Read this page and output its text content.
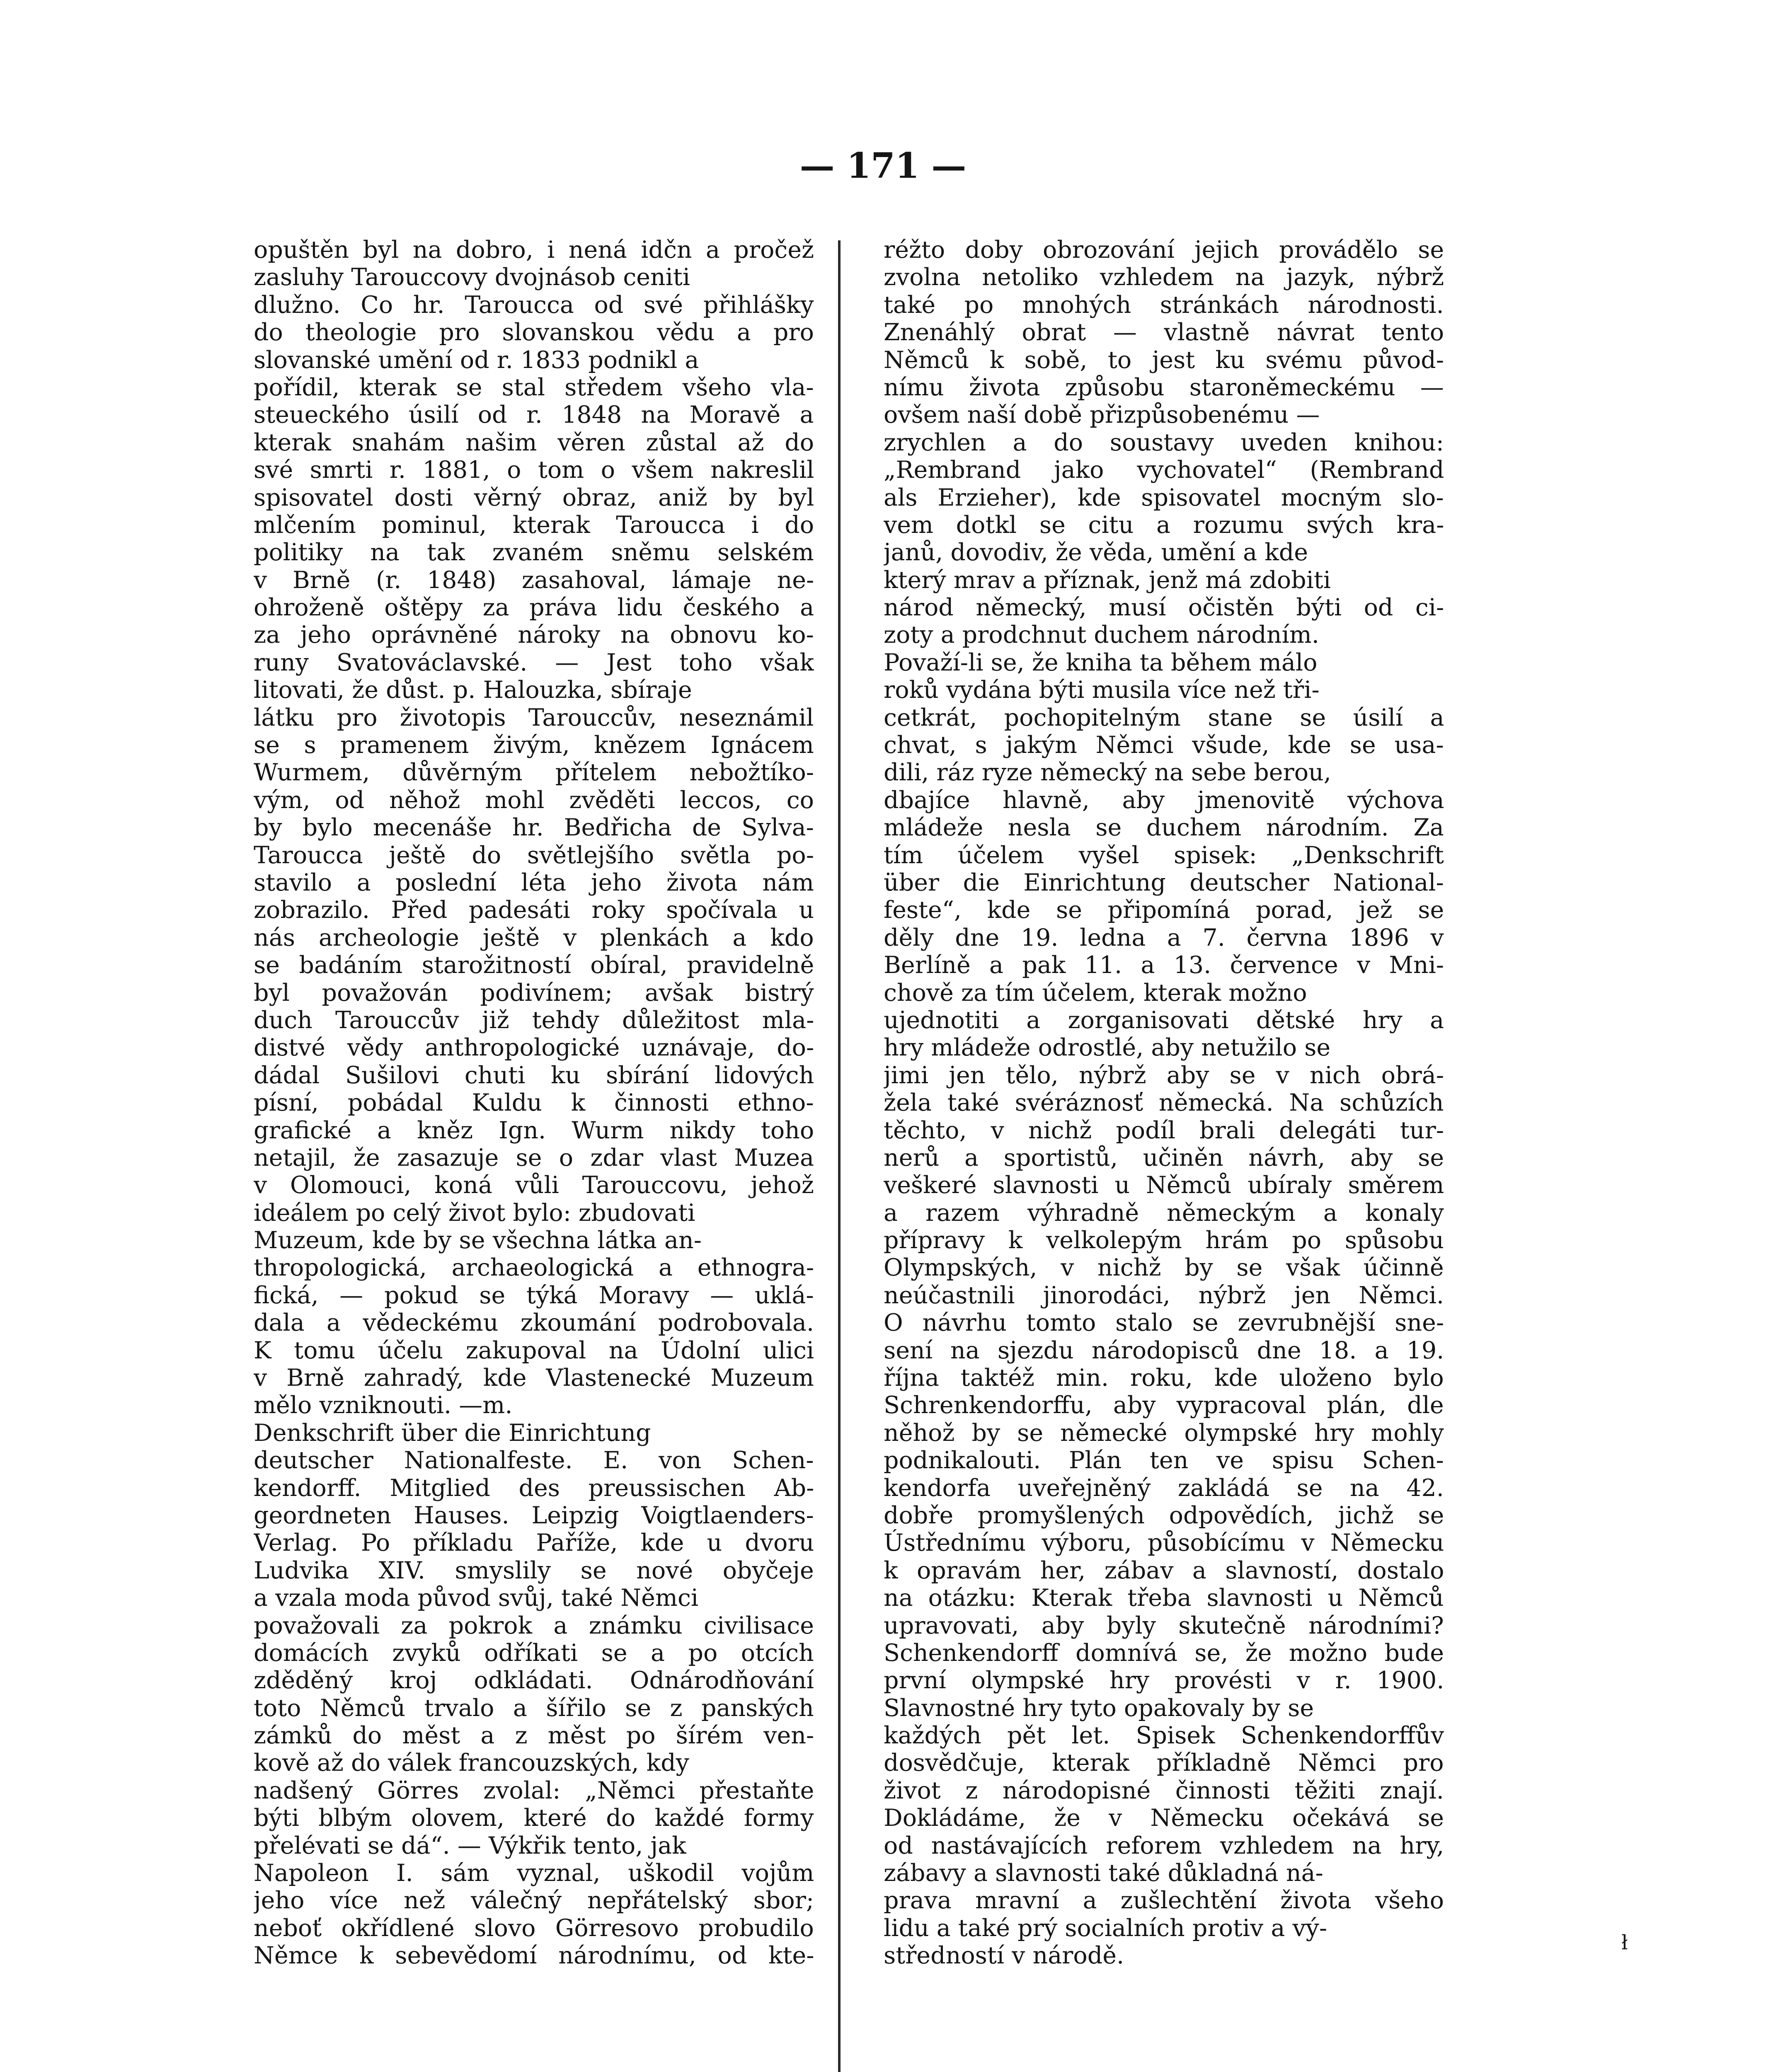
— 171 —
opuštěn byl na dobro, i nená idčn a pročež
zasluhy Tarouccovy dvojnásob ceniti
dlužno. Co hr. Taroucca od své přihlášky
do theologie pro slovanskou vědu a pro
slovanské umění od r. 1833 podnikl a
pořídil, kterak se stal středem všeho vla-
steueckého úsilí od r. 1848 na Moravě a
kterak snahám našim věren zůstal až do
své smrti r. 1881, o tom o všem nakreslil
spisovatel dosti věrný obraz, aniž by byl
mlčením pominul, kterak Taroucca i do
politiky na tak zvaném sněmu selském
v Brně (r. 1848) zasahoval, lámaje ne-
ohroženě oštěpy za práva lidu českého a
za jeho oprávněné nároky na obnovu ko-
runy Svatováclavské. — Jest toho však
litovati, že důst. p. Halouzka, sbíraje
látku pro životopis Tarouccův, neseznámil
se s pramenem živým, knězem Ignácem
Wurmem, důvěrným přítelem nebožtíko-
vým, od něhož mohl zvěděti leccos, co
by bylo mecenáše hr. Bedřicha de Sylva-
Taroucca ještě do světlejšího světla po-
stavilo a poslední léta jeho života nám
zobrazilo. Před padesáti roky spočívala u
nás archeologie ještě v plenkách a kdo
se badáním starožitností obíral, pravidelně
byl považován podivínem; avšak bistrý
duch Tarouccův již tehdy důležitost mla-
distvé vědy anthropologické uznávaje, do-
dádal Sušilovi chuti ku sbírání lidových
písní, pobádal Kuldu k činnosti ethno-
grafické a kněz Ign. Wurm nikdy toho
netajil, že zasazuje se o zdar vlast Muzea
v Olomouci, koná vůli Tarouccovu, jehož
ideálem po celý život bylo: zbudovati
Muzeum, kde by se všechna látka an-
thropologická, archaeologická a ethnogra-
fická, — pokud se týká Moravy — uklá-
dala a vědeckému zkoumání podrobovala.
K tomu účelu zakupoval na Údolní ulici
v Brně zahradý, kde Vlastenecké Muzeum
mělo vzniknouti. —m.
Denkschrift über die Einrichtung
deutscher Nationalfeste. E. von Schen-
kendorff. Mitglied des preussischen Ab-
geordneten Hauses. Leipzig Voigtlaenders-
Verlag. Po příkladu Paříže, kde u dvoru
Ludvika XIV. smyslily se nové obyčeje
a vzala moda původ svůj, také Němci
považovali za pokrok a známku civilisace
domácích zvyků odříkati se a po otcích
zděděný kroj odkládati. Odnárodňování
toto Němců trvalo a šířilo se z panských
zámků do měst a z měst po šírém ven-
kově až do válek francouzských, kdy
nadšený Görres zvolal: „Němci přestaňte
býti blbým olovem, které do každé formy
přelévati se dá“. — Výkřik tento, jak
Napoleon I. sám vyznal, uškodil vojům
jeho více než válečný nepřátelský sbor;
neboť okřídlené slovo Görresovo probudilo
Němce k sebevědomí národnímu, od kte-
réžto doby obrozování jejich provádělo se
zvolna netoliko vzhledem na jazyk, nýbrž
také po mnohých stránkách národnosti.
Znenáhlý obrat — vlastně návrat tento
Němců k sobě, to jest ku svému původ-
nímu života způsobu staroněmeckému —
ovšem naší době přizpůsobenému —
zrychlen a do soustavy uveden knihou:
„Rembrand jako vychovatel“ (Rembrand
als Erzieher), kde spisovatel mocným slo-
vem dotkl se citu a rozumu svých kra-
janů, dovodiv, že věda, umění a kde
který mrav a příznak, jenž má zdobiti
národ německý, musí očistěn býti od ci-
zoty a prodchnut duchem národním.
Považí-li se, že kniha ta během málo
roků vydána býti musila více než tři-
cetkrát, pochopitelným stane se úsilí a
chvat, s jakým Němci všude, kde se usa-
dili, ráz ryze německý na sebe berou,
dbajíce hlavně, aby jmenovitě výchova
mládeže nesla se duchem národním. Za
tím účelem vyšel spisek: „Denkschrift
über die Einrichtung deutscher National-
feste“, kde se připomíná porad, jež se
děly dne 19. ledna a 7. června 1896 v
Berlíně a pak 11. a 13. července v Mni-
chově za tím účelem, kterak možno
ujednotiti a zorganisovati dětské hry a
hry mládeže odrostlé, aby netužilo se
jimi jen tělo, nýbrž aby se v nich obrá-
žela také svéráznosť německá. Na schůzích
těchto, v nichž podíl brali delegáti tur-
nerů a sportistů, učiněn návrh, aby se
veškeré slavnosti u Němců ubíraly směrem
a razem výhradně německým a konaly
přípravy k velkolepým hrám po spůsobu
Olympských, v nichž by se však účinně
neúčastnili jinorodáci, nýbrž jen Němci.
O návrhu tomto stalo se zevrubnější sne-
sení na sjezdu národopisců dne 18. a 19.
října taktéž min. roku, kde uloženo bylo
Schrenkendorffu, aby vypracoval plán, dle
něhož by se německé olympské hry mohly
podnikalouti. Plán ten ve spisu Schen-
kendorfa uveřejněný zakládá se na 42.
dobře promyšlených odpovědích, jichž se
Ústřednímu výboru, působícímu v Německu
k opravám her, zábav a slavností, dostalo
na otázku: Kterak třeba slavnosti u Němců
upravovati, aby byly skutečně národními?
Schenkendorff domnívá se, že možno bude
první olympské hry provésti v r. 1900.
Slavnostné hry tyto opakovaly by se
každých pět let. Spisek Schenkendorffův
dosvědčuje, kterak příkladně Němci pro
život z národopisné činnosti těžiti znají.
Dokládáme, že v Německu očekává se
od nastávajících reforem vzhledem na hry,
zábavy a slavnosti také důkladná ná-
prava mravní a zušlechtění života všeho
lidu a také prý socialních protiv a vý-
středností v národě.	ł
